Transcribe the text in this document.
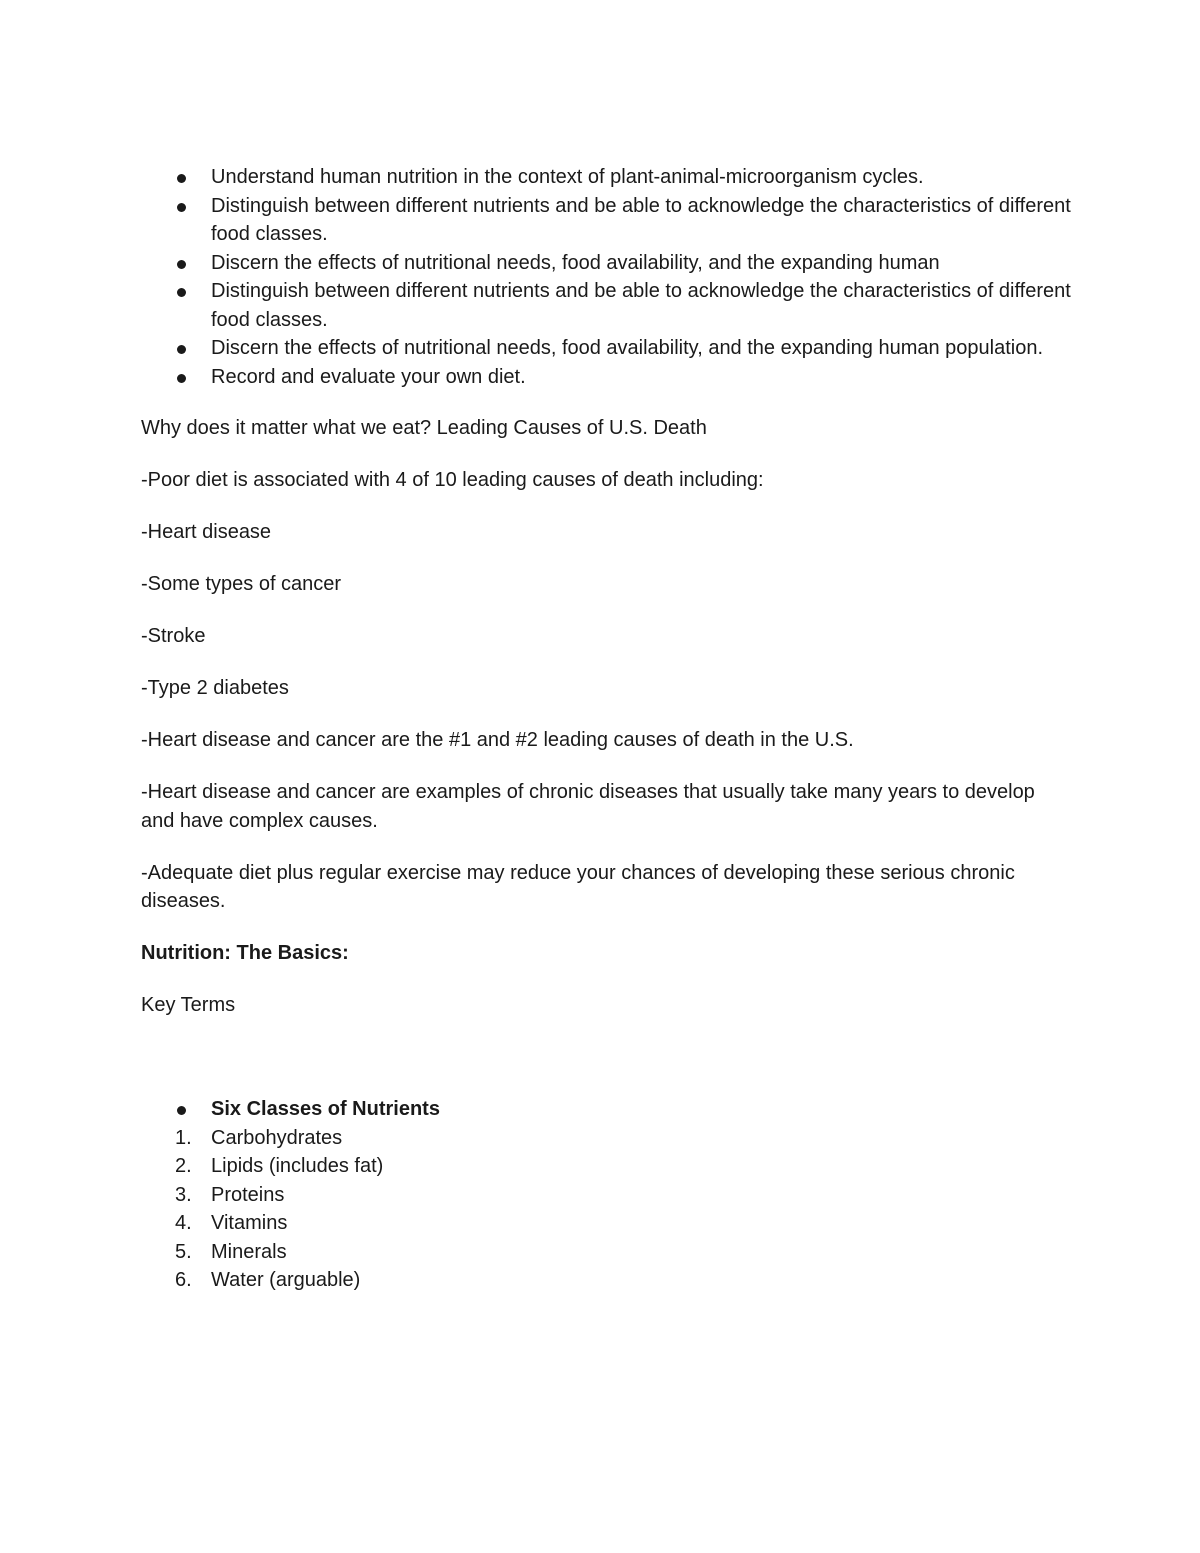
Understand human nutrition in the context of plant-animal-microorganism cycles.
Distinguish between different nutrients and be able to acknowledge the characteristics of different food classes.
Discern the effects of nutritional needs, food availability, and the expanding human
Distinguish between different nutrients and be able to acknowledge the characteristics of different food classes.
Discern the effects of nutritional needs, food availability, and the expanding human population.
Record and evaluate your own diet.

Why does it matter what we eat? Leading Causes of U.S. Death

-Poor diet is associated with 4 of 10 leading causes of death including:

-Heart disease

-Some types of cancer

-Stroke

-Type 2 diabetes

-Heart disease and cancer are the #1 and #2 leading causes of death in the U.S.

-Heart disease and cancer are examples of chronic diseases that usually take many years to develop and have complex causes.

-Adequate diet plus regular exercise may reduce your chances of developing these serious chronic diseases.

Nutrition: The Basics:

Key Terms

Six Classes of Nutrients
1. Carbohydrates
2. Lipids (includes fat)
3. Proteins
4. Vitamins
5. Minerals
6. Water (arguable)
